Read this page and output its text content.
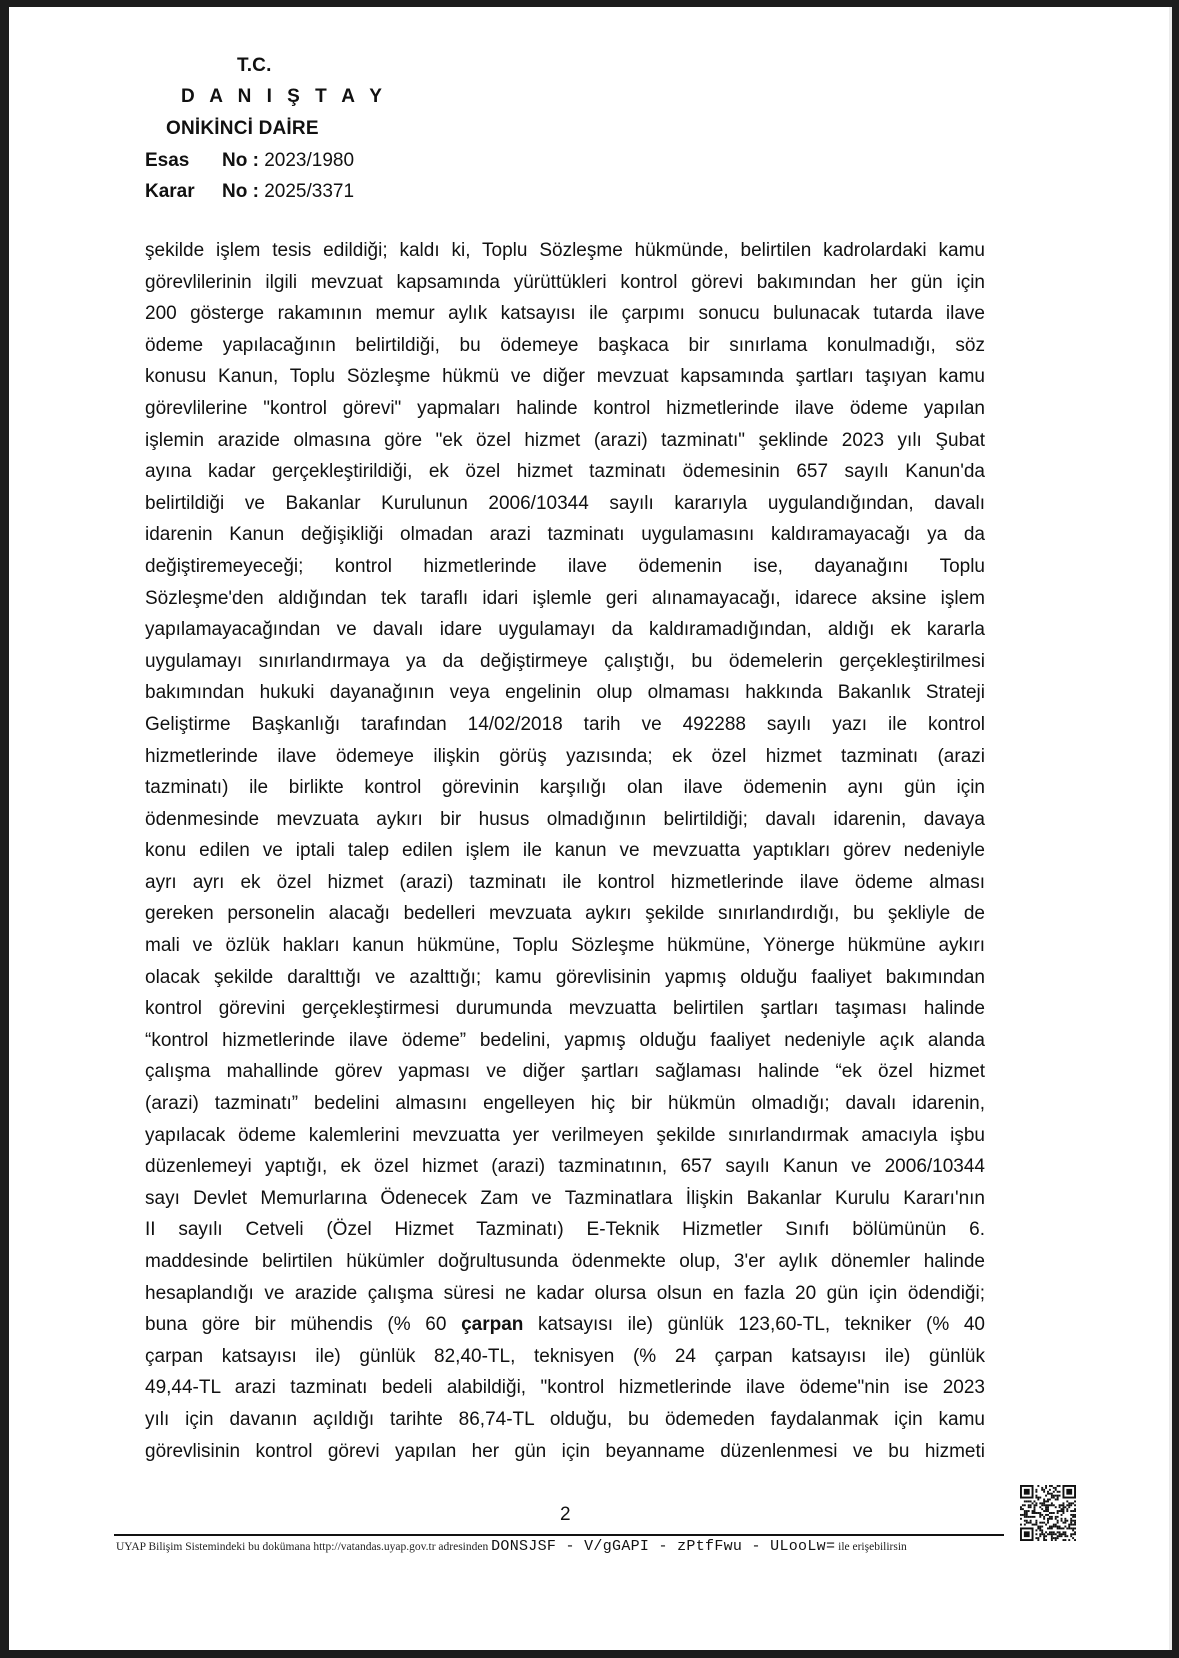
T.C.
D A N I Ş T A Y
ONİKİNCİ DAİRE
Esas No : 2023/1980
Karar No : 2025/3371
şekilde işlem tesis edildiği; kaldı ki, Toplu Sözleşme hükmünde, belirtilen kadrolardaki kamu
görevlilerinin ilgili mevzuat kapsamında yürüttükleri kontrol görevi bakımından her gün için
200 gösterge rakamının memur aylık katsayısı ile çarpımı sonucu bulunacak tutarda ilave
ödeme yapılacağının belirtildiği, bu ödemeye başkaca bir sınırlama konulmadığı, söz
konusu Kanun, Toplu Sözleşme hükmü ve diğer mevzuat kapsamında şartları taşıyan kamu
görevlilerine "kontrol görevi" yapmaları halinde kontrol hizmetlerinde ilave ödeme yapılan
işlemin arazide olmasına göre "ek özel hizmet (arazi) tazminatı" şeklinde 2023 yılı Şubat
ayına kadar gerçekleştirildiği, ek özel hizmet tazminatı ödemesinin 657 sayılı Kanun'da
belirtildiği ve Bakanlar Kurulunun 2006/10344 sayılı kararıyla uygulandığından, davalı
idarenin Kanun değişikliği olmadan arazi tazminatı uygulamasını kaldıramayacağı ya da
değiştiremeyeceği; kontrol hizmetlerinde ilave ödemenin ise, dayanağını Toplu
Sözleşme'den aldığından tek taraflı idari işlemle geri alınamayacağı, idarece aksine işlem
yapılamayacağından ve davalı idare uygulamayı da kaldıramadığından, aldığı ek kararla
uygulamayı sınırlandırmaya ya da değiştirmeye çalıştığı, bu ödemelerin gerçekleştirilmesi
bakımından hukuki dayanağının veya engelinin olup olmaması hakkında Bakanlık Strateji
Geliştirme Başkanlığı tarafından 14/02/2018 tarih ve 492288 sayılı yazı ile kontrol
hizmetlerinde ilave ödemeye ilişkin görüş yazısında; ek özel hizmet tazminatı (arazi
tazminatı) ile birlikte kontrol görevinin karşılığı olan ilave ödemenin aynı gün için
ödenmesinde mevzuata aykırı bir husus olmadığının belirtildiği; davalı idarenin, davaya
konu edilen ve iptali talep edilen işlem ile kanun ve mevzuatta yaptıkları görev nedeniyle
ayrı ayrı ek özel hizmet (arazi) tazminatı ile kontrol hizmetlerinde ilave ödeme alması
gereken personelin alacağı bedelleri mevzuata aykırı şekilde sınırlandırdığı, bu şekliyle de
mali ve özlük hakları kanun hükmüne, Toplu Sözleşme hükmüne, Yönerge hükmüne aykırı
olacak şekilde daralttığı ve azalttığı; kamu görevlisinin yapmış olduğu faaliyet bakımından
kontrol görevini gerçekleştirmesi durumunda mevzuatta belirtilen şartları taşıması halinde
“kontrol hizmetlerinde ilave ödeme” bedelini, yapmış olduğu faaliyet nedeniyle açık alanda
çalışma mahallinde görev yapması ve diğer şartları sağlaması halinde “ek özel hizmet
(arazi) tazminatı” bedelini almasını engelleyen hiç bir hükmün olmadığı; davalı idarenin,
yapılacak ödeme kalemlerini mevzuatta yer verilmeyen şekilde sınırlandırmak amacıyla işbu
düzenlemeyi yaptığı, ek özel hizmet (arazi) tazminatının, 657 sayılı Kanun ve 2006/10344
sayı Devlet Memurlarına Ödenecek Zam ve Tazminatlara İlişkin Bakanlar Kurulu Kararı'nın
II sayılı Cetveli (Özel Hizmet Tazminatı) E-Teknik Hizmetler Sınıfı bölümünün 6.
maddesinde belirtilen hükümler doğrultusunda ödenmekte olup, 3'er aylık dönemler halinde
hesaplandığı ve arazide çalışma süresi ne kadar olursa olsun en fazla 20 gün için ödendiği;
buna göre bir mühendis (% 60 çarpan katsayısı ile) günlük 123,60-TL, tekniker (% 40
çarpan katsayısı ile) günlük 82,40-TL, teknisyen (% 24 çarpan katsayısı ile) günlük
49,44-TL arazi tazminatı bedeli alabildiği, "kontrol hizmetlerinde ilave ödeme"nin ise 2023
yılı için davanın açıldığı tarihte 86,74-TL olduğu, bu ödemeden faydalanmak için kamu
görevlisinin kontrol görevi yapılan her gün için beyanname düzenlenmesi ve bu hizmeti
2
UYAP Bilişim Sistemindeki bu dokümana http://vatandas.uyap.gov.tr adresinden DONSJSF - V/gGAPI - zPtfFwu - ULooLw= ile erişebilirsin
